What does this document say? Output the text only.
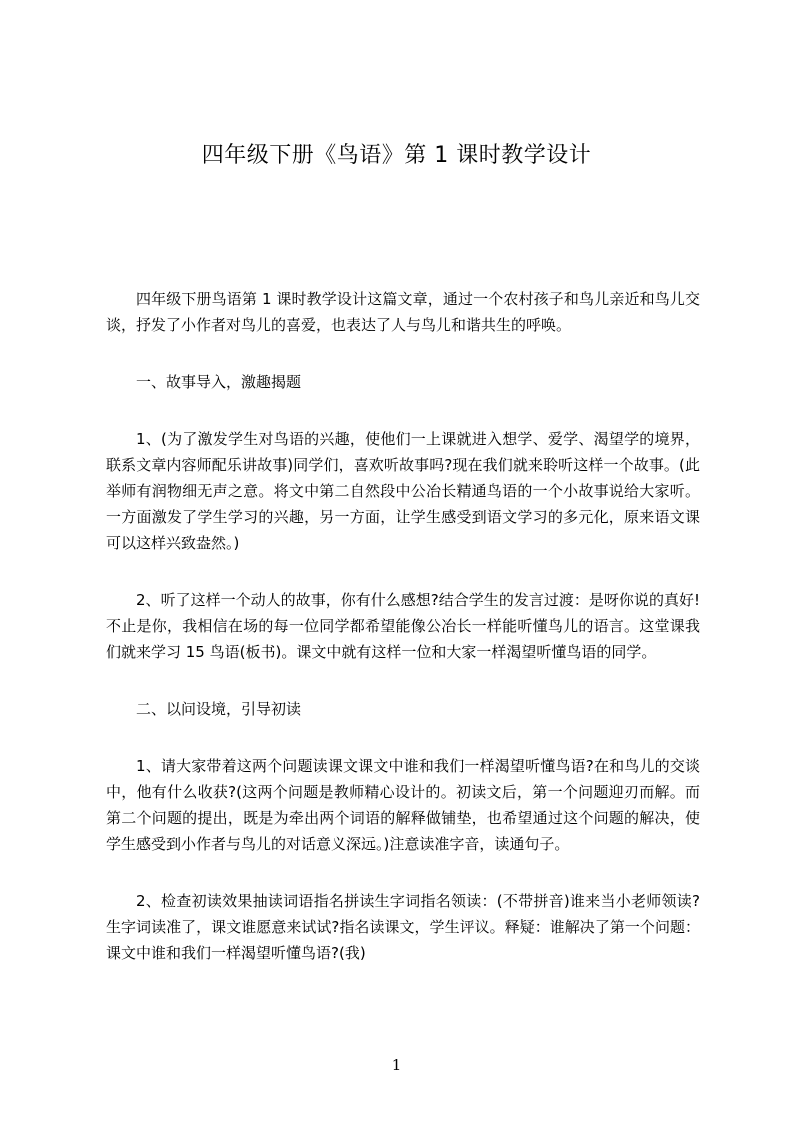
四年级下册《鸟语》第 1 课时教学设计

四年级下册鸟语第 1 课时教学设计这篇文章，通过一个农村孩子和鸟儿亲近和鸟儿交谈，抒发了小作者对鸟儿的喜爱，也表达了人与鸟儿和谐共生的呼唤。

一、故事导入，激趣揭题

1、(为了激发学生对鸟语的兴趣，使他们一上课就进入想学、爱学、渴望学的境界，联系文章内容师配乐讲故事)同学们，喜欢听故事吗?现在我们就来聆听这样一个故事。(此举师有润物细无声之意。将文中第二自然段中公冶长精通鸟语的一个小故事说给大家听。一方面激发了学生学习的兴趣，另一方面，让学生感受到语文学习的多元化，原来语文课可以这样兴致盎然。)

2、听了这样一个动人的故事，你有什么感想?结合学生的发言过渡：是呀你说的真好!不止是你，我相信在场的每一位同学都希望能像公冶长一样能听懂鸟儿的语言。这堂课我们就来学习 15 鸟语(板书)。课文中就有这样一位和大家一样渴望听懂鸟语的同学。

二、以问设境，引导初读

1、请大家带着这两个问题读课文课文中谁和我们一样渴望听懂鸟语?在和鸟儿的交谈中，他有什么收获?(这两个问题是教师精心设计的。初读文后，第一个问题迎刃而解。而第二个问题的提出，既是为牵出两个词语的解释做铺垫，也希望通过这个问题的解决，使学生感受到小作者与鸟儿的对话意义深远。)注意读准字音，读通句子。

2、检查初读效果抽读词语指名拼读生字词指名领读：(不带拼音)谁来当小老师领读?生字词读准了，课文谁愿意来试试?指名读课文，学生评议。释疑：谁解决了第一个问题：课文中谁和我们一样渴望听懂鸟语?(我)

1
